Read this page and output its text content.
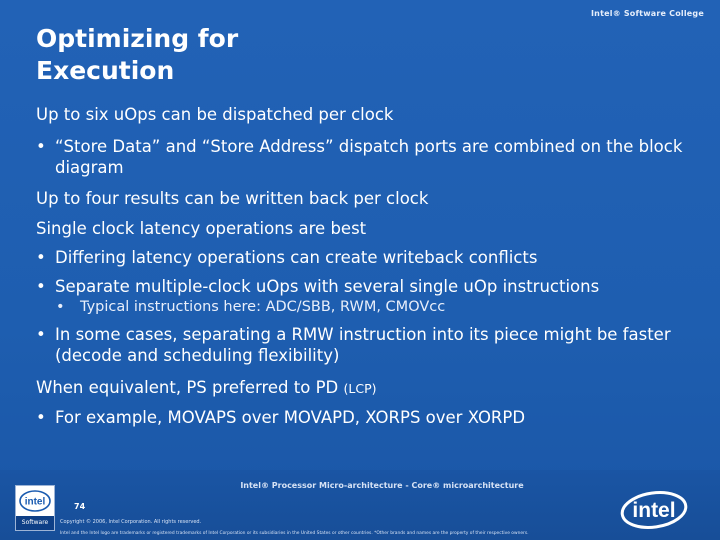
Intel® Software College
Optimizing for
Execution
Up to six uOps can be dispatched per clock
• “Store Data” and “Store Address” dispatch ports are combined on the block diagram
Up to four results can be written back per clock
Single clock latency operations are best
• Differing latency operations can create writeback conflicts
• Separate multiple-clock uOps with several single uOp instructions
• Typical instructions here: ADC/SBB, RWM, CMOVcc
• In some cases, separating a RMW instruction into its piece might be faster (decode and scheduling flexibility)
When equivalent, PS preferred to PD (LCP)
• For example, MOVAPS over MOVAPD, XORPS over XORPD
Intel® Processor Micro-architecture - Core® microarchitecture
74
Copyright © 2006, Intel Corporation. All rights reserved.
Intel and the Intel logo are trademarks or registered trademarks of Intel Corporation or its subsidiaries in the United States or other countries. *Other brands and names are the property of their respective owners.
intel
Software
intel
